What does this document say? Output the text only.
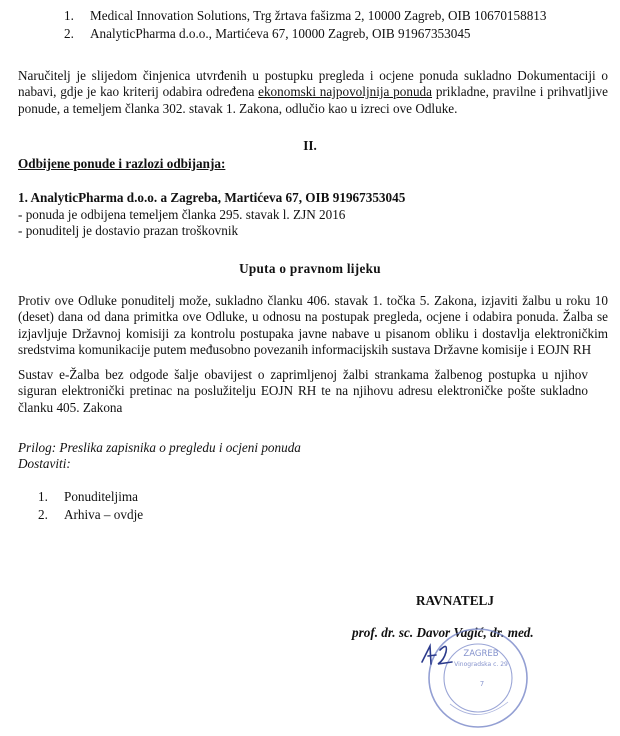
1. Medical Innovation Solutions, Trg žrtava fašizma 2, 10000 Zagreb, OIB 10670158813
2. AnalyticPharma d.o.o., Martićeva 67, 10000 Zagreb, OIB 91967353045
Naručitelj je slijedom činjenica utvrđenih u postupku pregleda i ocjene ponuda sukladno Dokumentaciji o nabavi, gdje je kao kriterij odabira određena ekonomski najpovoljnija ponuda prikladne, pravilne i prihvatljive ponude, a temeljem članka 302. stavak 1. Zakona, odlučio kao u izreci ove Odluke.
II.
Odbijene ponude i razlozi odbijanja:
1. AnalyticPharma d.o.o. a Zagreba, Martićeva 67, OIB 91967353045
- ponuda je odbijena temeljem članka 295. stavak l. ZJN 2016
- ponuditelj je dostavio prazan troškovnik
Uputa o pravnom lijeku
Protiv ove Odluke ponuditelj može, sukladno članku 406. stavak 1. točka 5. Zakona, izjaviti žalbu u roku 10 (deset) dana od dana primitka ove Odluke, u odnosu na postupak pregleda, ocjene i odabira ponuda. Žalba se izjavljuje Državnoj komisiji za kontrolu postupaka javne nabave u pisanom obliku i dostavlja elektroničkim sredstvima komunikacije putem međusobno povezanih informacijskih sustava Državne komisije i EOJN RH
Sustav e-Žalba bez odgode šalje obavijest o zaprimljenoj žalbi strankama žalbenog postupka u njihov siguran elektronički pretinac na poslužitelju EOJN RH te na njihovu adresu elektroničke pošte sukladno članku 405. Zakona
Prilog: Preslika zapisnika o pregledu i ocjeni ponuda
Dostaviti:
1. Ponuditeljima
2. Arhiva – ovdje
RAVNATELJ
prof. dr. sc. Davor Vagić, dr. med.
ZAGREB
Vinogradska c. 29
7
